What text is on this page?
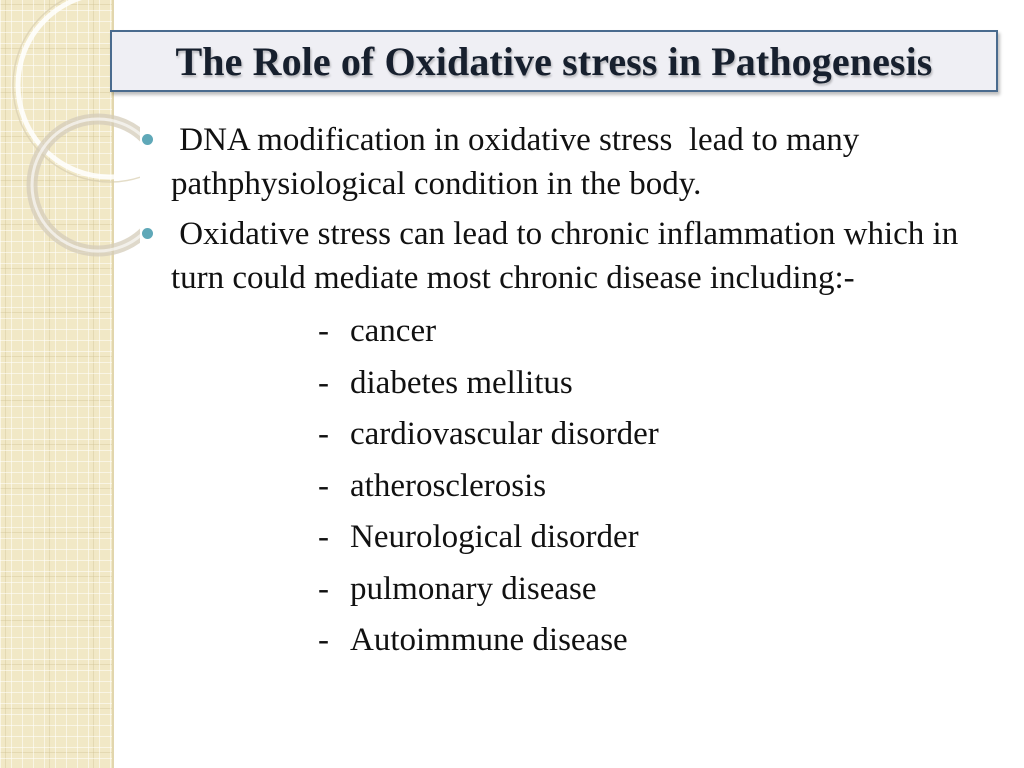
The Role of Oxidative stress in Pathogenesis
DNA modification in oxidative stress  lead to many pathphysiological condition in the body.
Oxidative stress can lead to chronic inflammation which in turn could mediate most chronic disease including:-
- cancer
- diabetes mellitus
- cardiovascular disorder
- atherosclerosis
- Neurological disorder
- pulmonary disease
- Autoimmune disease
